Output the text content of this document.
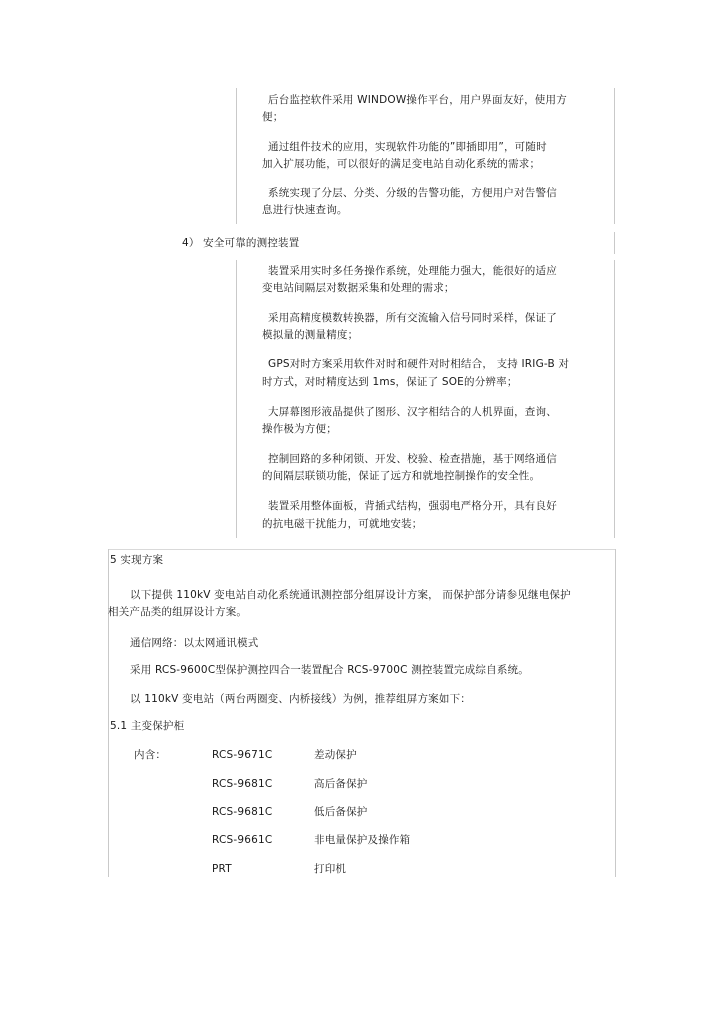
后台监控软件采用 WINDOW操作平台，用户界面友好，使用方
便；
通过组件技术的应用，实现软件功能的”即插即用”，可随时
加入扩展功能，可以很好的满足变电站自动化系统的需求；
系统实现了分层、分类、分级的告警功能，方便用户对告警信
息进行快速查询。
4） 安全可靠的测控装置
装置采用实时多任务操作系统，处理能力强大，能很好的适应
变电站间隔层对数据采集和处理的需求；
采用高精度模数转换器，所有交流输入信号同时采样，保证了
模拟量的测量精度；
GPS对时方案采用软件对时和硬件对时相结合， 支持 IRIG-B 对
时方式，对时精度达到 1ms，保证了 SOE的分辨率；
大屏幕图形液晶提供了图形、汉字相结合的人机界面，查询、
操作极为方便；
控制回路的多种闭锁、开发、校验、检查措施，基于网络通信
的间隔层联锁功能，保证了远方和就地控制操作的安全性。
装置采用整体面板，背插式结构，强弱电严格分开，具有良好
的抗电磁干扰能力，可就地安装；
5 实现方案
以下提供 110kV 变电站自动化系统通讯测控部分组屏设计方案， 而保护部分请参见继电保护
相关产品类的组屏设计方案。
通信网络：以太网通讯模式
采用 RCS-9600C型保护测控四合一装置配合 RCS-9700C 测控装置完成综自系统。
以 110kV 变电站（两台两圈变、内桥接线）为例，推荐组屏方案如下：
5.1 主变保护柜
内含：	RCS-9671C	差动保护
RCS-9681C	高后备保护
RCS-9681C	低后备保护
RCS-9661C	非电量保护及操作箱
PRT	打印机
